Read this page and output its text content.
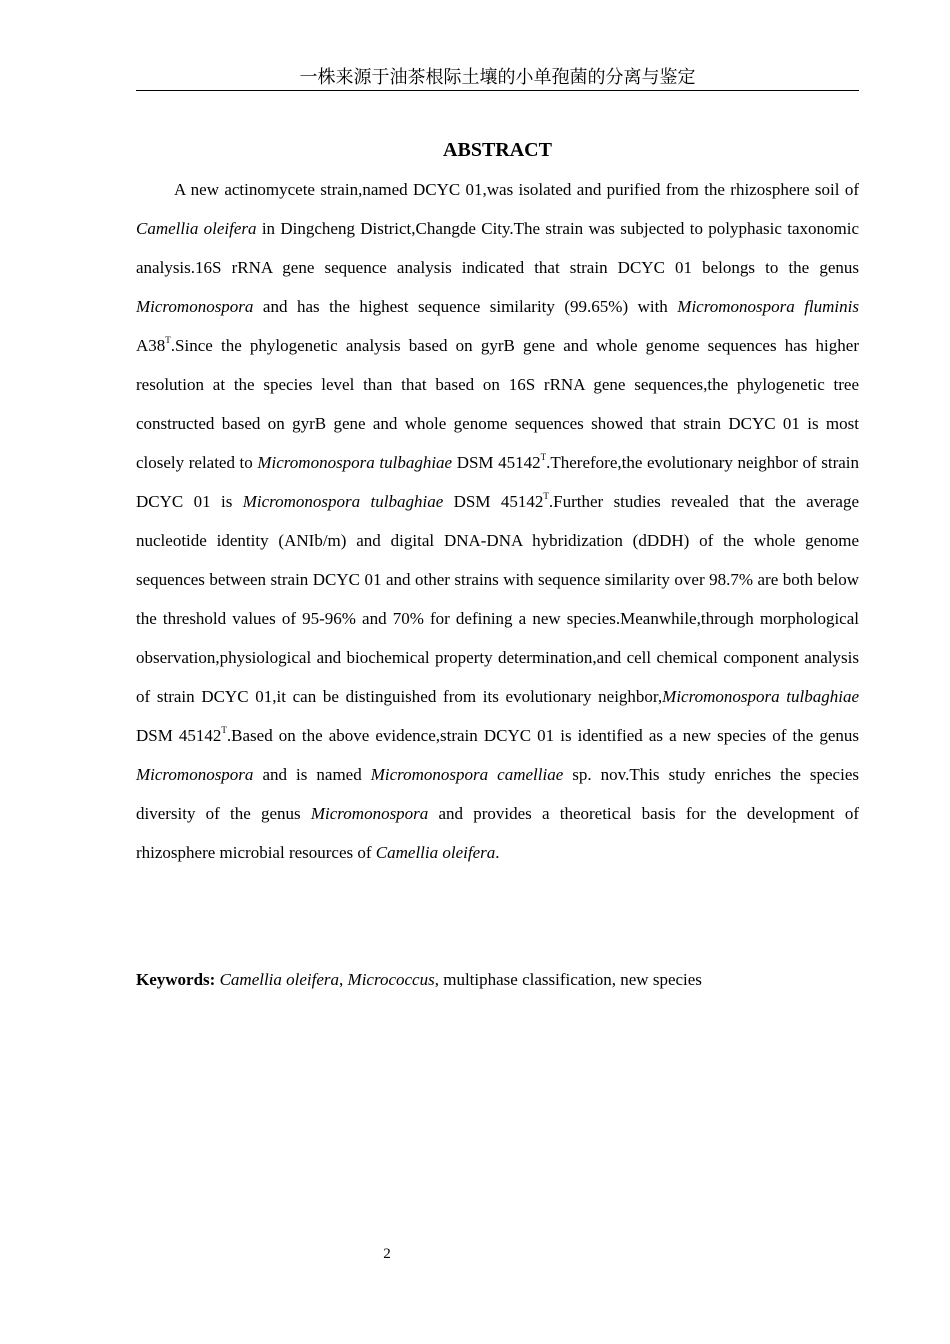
一株来源于油茶根际土壤的小单孢菌的分离与鉴定
ABSTRACT

A new actinomycete strain,named DCYC 01,was isolated and purified from the rhizosphere soil of Camellia oleifera in Dingcheng District,Changde City.The strain was subjected to polyphasic taxonomic analysis.16S rRNA gene sequence analysis indicated that strain DCYC 01 belongs to the genus Micromonospora and has the highest sequence similarity (99.65%) with Micromonospora fluminis $A38^T.Since$ the phylogenetic analysis based on gyrB gene and whole genome sequences has higher resolution at the species level than that based on 16S rRNA gene sequences,the phylogenetic tree constructed based on gyrB gene and whole genome sequences showed that strain DCYC 01 is most closely related to Micromonospora tulbaghiae DSM $45142^T.Therefore,the$ evolutionary neighbor of strain DCYC 01 is Micromonospora tulbaghiae DSM $45142^T.Further$ studies revealed that the average nucleotide identity (ANIb/m) and digital DNA-DNA hybridization (dDDH) of the whole genome sequences between strain DCYC 01 and other strains with sequence similarity over 98.7% are both below the threshold values of 95-96% and 70% for defining a new species.Meanwhile,through morphological observation,physiological and biochemical property determination,and cell chemical component analysis of strain DCYC 01,it can be distinguished from its evolutionary neighbor,Micromonospora tulbaghiae DSM $45142^T.Based$ on the above evidence,strain DCYC 01 is identified as a new species of the genus Micromonospora and is named Micromonospora camelliae sp. nov.This study enriches the species diversity of the genus Micromonospora and provides a theoretical basis for the development of rhizosphere microbial resources of Camellia oleifera.

Keywords: Camellia oleifera, Micrococcus, multiphase classification, new species

2
